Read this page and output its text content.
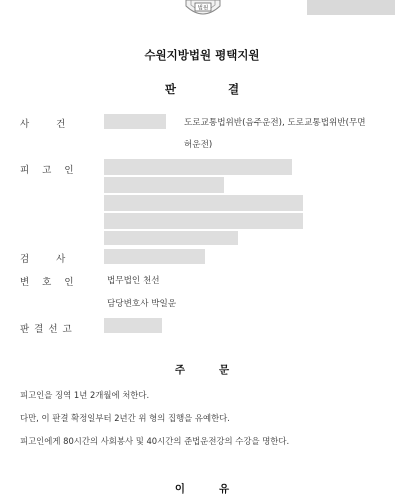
법원
수원지방법원 평택지원
판결
사건	도로교통법위반(음주운전), 도로교통법위반(무면
허운전)
피고인
검사
변호인 법무법인 천선
담당변호사 박일운
판결선고
주문
피고인을 징역 1년 2개월에 처한다.
다만, 이 판결 확정일부터 2년간 위 형의 집행을 유예한다.
피고인에게 80시간의 사회봉사 및 40시간의 준법운전강의 수강을 명한다.
이유
